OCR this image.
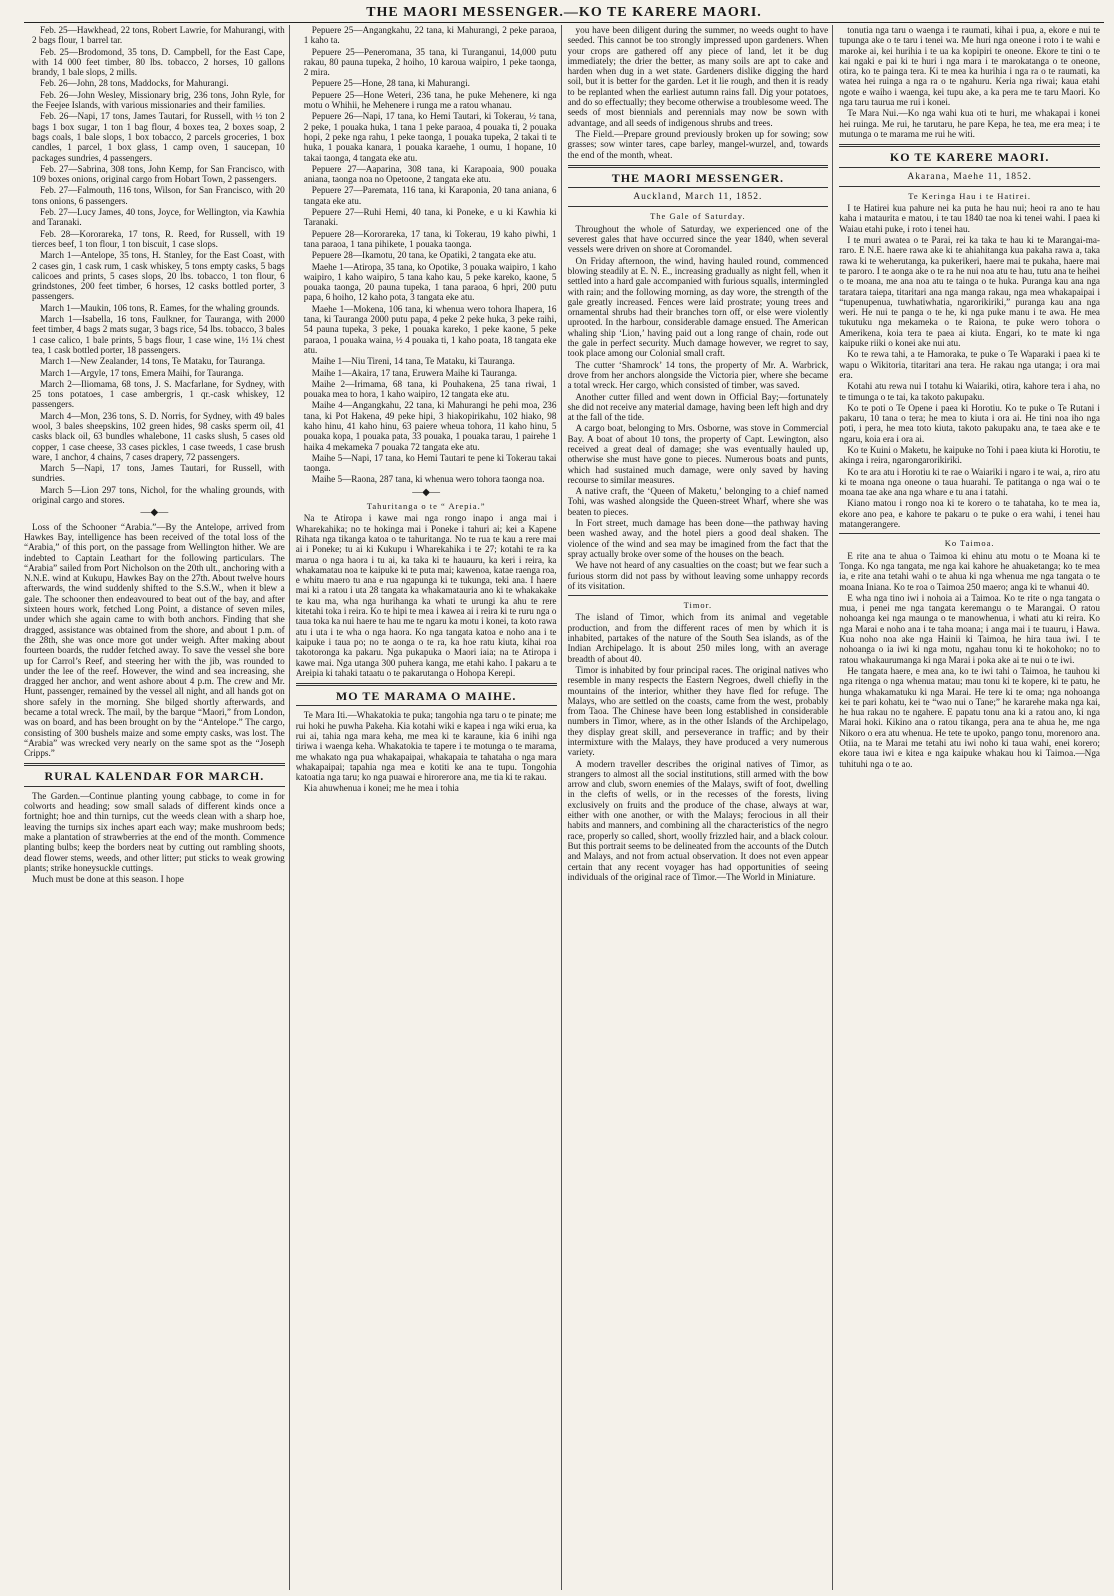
THE MAORI MESSENGER.—KO TE KARERE MAORI.

Feb. 25—Hawkhead, 22 tons, Robert Lawrie, for Mahurangi, with 2 bags flour, 1 barrel tar.

Feb. 25—Brodomond, 35 tons, D. Campbell, for the East Cape, with 14 000 feet timber, 80 lbs. tobacco, 2 horses, 10 gallons brandy, 1 bale slops, 2 mills.

Feb. 26—John, 28 tons, Maddocks, for Mahurangi.

Feb. 26—John Wesley, Missionary brig, 236 tons, John Ryle, for the Feejee Islands, with various missionaries and their families.

Feb. 26—Napi, 17 tons, James Tautari, for Russell, with ½ ton 2 bags 1 box sugar, 1 ton 1 bag flour, 4 boxes tea, 2 boxes soap, 2 bags coals, 1 bale slops, 1 box tobacco, 2 parcels groceries, 1 box candles, 1 parcel, 1 box glass, 1 camp oven, 1 saucepan, 10 packages sundries, 4 passengers.

Feb. 27—Sabrina, 308 tons, John Kemp, for San Francisco, with 109 boxes onions, original cargo from Hobart Town, 2 passengers.

Feb. 27—Falmouth, 116 tons, Wilson, for San Francisco, with 20 tons onions, 6 passengers.

Feb. 27—Lucy James, 40 tons, Joyce, for Wellington, via Kawhia and Taranaki.

Feb. 28—Kororareka, 17 tons, R. Reed, for Russell, with 19 tierces beef, 1 ton flour, 1 ton biscuit, 1 case slops.

March 1—Antelope, 35 tons, H. Stanley, for the East Coast, with 2 cases gin, 1 cask rum, 1 cask whiskey, 5 tons empty casks, 5 bags calicoes and prints, 5 cases slops, 20 lbs. tobacco, 1 ton flour, 6 grindstones, 200 feet timber, 6 horses, 12 casks bottled porter, 3 passengers.

March 1—Maukin, 106 tons, R. Eames, for the whaling grounds.

March 1—Isabella, 16 tons, Faulkner, for Tauranga, with 2000 feet timber, 4 bags 2 mats sugar, 3 bags rice, 54 lbs. tobacco, 3 bales 1 case calico, 1 bale prints, 5 bags flour, 1 case wine, 1½ 1¼ chest tea, 1 cask bottled porter, 18 passengers.

March 1—New Zealander, 14 tons, Te Mataku, for Tauranga.

March 1—Argyle, 17 tons, Emera Maihi, for Tauranga.

March 2—Iliomama, 68 tons, J. S. Macfarlane, for Sydney, with 25 tons potatoes, 1 case ambergris, 1 qr.-cask whiskey, 12 passengers.

March 4—Mon, 236 tons, S. D. Norris, for Sydney, with 49 bales wool, 3 bales sheepskins, 102 green hides, 98 casks sperm oil, 41 casks black oil, 63 bundles whalebone, 11 casks slush, 5 cases old copper, 1 case cheese, 33 cases pickles, 1 case tweeds, 1 case brush ware, 1 anchor, 4 chains, 7 cases drapery, 72 passengers.

March 5—Napi, 17 tons, James Tautari, for Russell, with sundries.

March 5—Lion 297 tons, Nichol, for the whaling grounds, with original cargo and stores.

—◆—

Loss of the Schooner “Arabia.”—By the Antelope, arrived from Hawkes Bay, intelligence has been received of the total loss of the “Arabia,” of this port, on the passage from Wellington hither. We are indebted to Captain Leathart for the following particulars. The “Arabia” sailed from Port Nicholson on the 20th ult., anchoring with a N.N.E. wind at Kukupu, Hawkes Bay on the 27th. About twelve hours afterwards, the wind suddenly shifted to the S.S.W., when it blew a gale. The schooner then endeavoured to beat out of the bay, and after sixteen hours work, fetched Long Point, a distance of seven miles, under which she again came to with both anchors. Finding that she dragged, assistance was obtained from the shore, and about 1 p.m. of the 28th, she was once more got under weigh. After making about fourteen boards, the rudder fetched away. To save the vessel she bore up for Carrol’s Reef, and steering her with the jib, was rounded to under the lee of the reef. However, the wind and sea increasing, she dragged her anchor, and went ashore about 4 p.m. The crew and Mr. Hunt, passenger, remained by the vessel all night, and all hands got on shore safely in the morning. She bilged shortly afterwards, and became a total wreck. The mail, by the barque “Maori,” from London, was on board, and has been brought on by the “Antelope.” The cargo, consisting of 300 bushels maize and some empty casks, was lost. The “Arabia” was wrecked very nearly on the same spot as the “Joseph Cripps.”

RURAL KALENDAR FOR MARCH.

The Garden.—Continue planting young cabbage, to come in for colworts and heading; sow small salads of different kinds once a fortnight; hoe and thin turnips, cut the weeds clean with a sharp hoe, leaving the turnips six inches apart each way; make mushroom beds; make a plantation of strawberries at the end of the month. Commence planting bulbs; keep the borders neat by cutting out rambling shoots, dead flower stems, weeds, and other litter; put sticks to weak growing plants; strike honeysuckle cuttings.

Much must be done at this season. I hope

Pepuere 25—Angangkahu, 22 tana, ki Mahurangi, 2 peke paraoa, 1 kaho ta.

Pepuere 25—Peneromana, 35 tana, ki Turanganui, 14,000 putu rakau, 80 pauna tupeka, 2 hoiho, 10 karoua waipiro, 1 peke taonga, 2 mira.

Pepuere 25—Hone, 28 tana, ki Mahurangi.

Pepuere 25—Hone Weteri, 236 tana, he puke Mehenere, ki nga motu o Whihii, he Mehenere i runga me a ratou whanau.

Pepuere 26—Napi, 17 tana, ko Hemi Tautari, ki Tokerau, ½ tana, 2 peke, 1 pouaka huka, 1 tana 1 peke paraoa, 4 pouaka ti, 2 pouaka hopi, 2 peke nga rahu, 1 peke taonga, 1 pouaka tupeka, 2 takai ti te huka, 1 pouaka kanara, 1 pouaka karaehe, 1 oumu, 1 hopane, 10 takai taonga, 4 tangata eke atu.

Pepuere 27—Aaparina, 308 tana, ki Karapoaia, 900 pouaka aniana, taonga noa no Opetoone, 2 tangata eke atu.

Pepuere 27—Paremata, 116 tana, ki Karaponia, 20 tana aniana, 6 tangata eke atu.

Pepuere 27—Ruhi Hemi, 40 tana, ki Poneke, e u ki Kawhia ki Taranaki.

Pepuere 28—Kororareka, 17 tana, ki Tokerau, 19 kaho piwhi, 1 tana paraoa, 1 tana pihikete, 1 pouaka taonga.

Pepuere 28—Ikamotu, 20 tana, ke Opatiki, 2 tangata eke atu.

Maehe 1—Atiropa, 35 tana, ko Opotike, 3 pouaka waipiro, 1 kaho waipiro, 1 kaho waipiro, 5 tana kaho kau, 5 peke kareko, kaone, 5 pouaka taonga, 20 pauna tupeka, 1 tana paraoa, 6 hpri, 200 putu papa, 6 hoiho, 12 kaho pota, 3 tangata eke atu.

Maehe 1—Mokena, 106 tana, ki whenua wero tohora Ihapera, 16 tana, ki Tauranga 2000 putu papa, 4 peke 2 peke huka, 3 peke raihi, 54 pauna tupeka, 3 peke, 1 pouaka kareko, 1 peke kaone, 5 peke paraoa, 1 pouaka waina, ½ 4 pouaka ti, 1 kaho poata, 18 tangata eke atu.

Maihe 1—Niu Tireni, 14 tana, Te Mataku, ki Tauranga.

Maihe 1—Akaira, 17 tana, Eruwera Maihe ki Tauranga.

Maihe 2—Irimama, 68 tana, ki Pouhakena, 25 tana riwai, 1 pouaka mea to hora, 1 kaho waipiro, 12 tangata eke atu.

Maihe 4—Angangkahu, 22 tana, ki Mahurangi he pehi moa, 236 tana, ki Pot Hakena, 49 peke hipi, 3 hiakopirikahu, 102 hiako, 98 kaho hinu, 41 kaho hinu, 63 paiere wheua tohora, 11 kaho hinu, 5 pouaka kopa, 1 pouaka pata, 33 pouaka, 1 pouaka tarau, 1 pairehe 1 haika 4 mekameka 7 pouaka 72 tangata eke atu.

Maihe 5—Napi, 17 tana, ko Hemi Tautari te pene ki Tokerau takai taonga.

Maihe 5—Raona, 287 tana, ki whenua wero tohora taonga noa.

—◆—
Tahuritanga o te “ Arepia.”

Na te Atiropa i kawe mai nga rongo inapo i anga mai i Wharekahika; no te hokinga mai i Poneke i tahuri ai; kei a Kapene Rihata nga tikanga katoa o te tahuritanga. No te rua te kau a rere mai ai i Poneke; tu ai ki Kukupu i Wharekahika i te 27; kotahi te ra ka marua o nga haora i tu ai, ka taka ki te hauauru, ka keri i reira, ka whakamatau noa te kaipuke ki te puta mai; kawenoa, katae raenga roa, e whitu maero tu ana e rua ngapunga ki te tukunga, teki ana. I haere mai ki a ratou i uta 28 tangata ka whakamatauria ano ki te whakakake te kau ma, wha nga hurihanga ka whati te urungi ka ahu te rere kitetahi toka i reira. Ko te hipi te mea i kawea ai i reira ki te ruru nga o taua toka ka nui haere te hau me te ngaru ka motu i konei, ta koto rawa atu i uta i te wha o nga haora. Ko nga tangata katoa e noho ana i te kaipuke i taua po; no te aonga o te ra, ka hoe ratu kiuta, kihai roa takotoronga ka pakaru. Nga pukapuka o Maori iaia; na te Atiropa i kawe mai. Nga utanga 300 puhera kanga, me etahi kaho. I pakaru a te Areipia ki tahaki tataatu o te pakarutanga o Hohopa Kerepi.

MO TE MARAMA O MAIHE.

Te Mara Iti.—Whakatokia te puka; tangohia nga taru o te pinate; me rui hoki he puwha Pakeha. Kia kotahi wiki e kapea i nga wiki erua, ka rui ai, tahia nga mara keha, me mea ki te karaune, kia 6 inihi nga tiriwa i waenga keha. Whakatokia te tapere i te motunga o te marama, me whakato nga pua whakapaipai, whakapaia te tahataha o nga mara whakapaipai; tapahia nga mea e kotiti ke ana te tupu. Tongohia katoatia nga taru; ko nga puawai e hirorerore ana, me tia ki te rakau.

Kia ahuwhenua i konei; me he mea i tohia

you have been diligent during the summer, no weeds ought to have seeded. This cannot be too strongly impressed upon gardeners. When your crops are gathered off any piece of land, let it be dug immediately; the drier the better, as many soils are apt to cake and harden when dug in a wet state. Gardeners dislike digging the hard soil, but it is better for the garden. Let it lie rough, and then it is ready to be replanted when the earliest autumn rains fall. Dig your potatoes, and do so effectually; they become otherwise a troublesome weed. The seeds of most biennials and perennials may now be sown with advantage, and all seeds of indigenous shrubs and trees.

The Field.—Prepare ground previously broken up for sowing; sow grasses; sow winter tares, cape barley, mangel-wurzel, and, towards the end of the month, wheat.

THE MAORI MESSENGER.
Auckland, March 11, 1852.
The Gale of Saturday.

Throughout the whole of Saturday, we experienced one of the severest gales that have occurred since the year 1840, when several vessels were driven on shore at Coromandel.

On Friday afternoon, the wind, having hauled round, commenced blowing steadily at E. N. E., increasing gradually as night fell, when it settled into a hard gale accompanied with furious squalls, intermingled with rain; and the following morning, as day wore, the strength of the gale greatly increased. Fences were laid prostrate; young trees and ornamental shrubs had their branches torn off, or else were violently uprooted. In the harbour, considerable damage ensued. The American whaling ship ‘Lion,’ having paid out a long range of chain, rode out the gale in perfect security. Much damage however, we regret to say, took place among our Colonial small craft.

The cutter ‘Shamrock’ 14 tons, the property of Mr. A. Warbrick, drove from her anchors alongside the Victoria pier, where she became a total wreck. Her cargo, which consisted of timber, was saved.

Another cutter filled and went down in Official Bay;—fortunately she did not receive any material damage, having been left high and dry at the fall of the tide.

A cargo boat, belonging to Mrs. Osborne, was stove in Commercial Bay. A boat of about 10 tons, the property of Capt. Lewington, also received a great deal of damage; she was eventually hauled up, otherwise she must have gone to pieces. Numerous boats and punts, which had sustained much damage, were only saved by having recourse to similar measures.

A native craft, the ‘Queen of Maketu,’ belonging to a chief named Tohi, was washed alongside the Queen-street Wharf, where she was beaten to pieces.

In Fort street, much damage has been done—the pathway having been washed away, and the hotel piers a good deal shaken. The violence of the wind and sea may be imagined from the fact that the spray actually broke over some of the houses on the beach.

We have not heard of any casualties on the coast; but we fear such a furious storm did not pass by without leaving some unhappy records of its visitation.

Timor.

The island of Timor, which from its animal and vegetable production, and from the different races of men by which it is inhabited, partakes of the nature of the South Sea islands, as of the Indian Archipelago. It is about 250 miles long, with an average breadth of about 40.

Timor is inhabited by four principal races. The original natives who resemble in many respects the Eastern Negroes, dwell chiefly in the mountains of the interior, whither they have fled for refuge. The Malays, who are settled on the coasts, came from the west, probably from Taoa. The Chinese have been long established in considerable numbers in Timor, where, as in the other Islands of the Archipelago, they display great skill, and perseverance in traffic; and by their intermixture with the Malays, they have produced a very numerous variety.

A modern traveller describes the original natives of Timor, as strangers to almost all the social institutions, still armed with the bow arrow and club, sworn enemies of the Malays, swift of foot, dwelling in the clefts of wells, or in the recesses of the forests, living exclusively on fruits and the produce of the chase, always at war, either with one another, or with the Malays; ferocious in all their habits and manners, and combining all the characteristics of the negro race, properly so called, short, woolly frizzled hair, and a black colour. But this portrait seems to be delineated from the accounts of the Dutch and Malays, and not from actual observation. It does not even appear certain that any recent voyager has had opportunities of seeing individuals of the original race of Timor.—The World in Miniature.

tonutia nga taru o waenga i te raumati, kihai i pua, a, ekore e nui te tupunga ake o te taru i tenei wa. Me huri nga oneone i roto i te wahi e maroke ai, kei hurihia i te ua ka kopipiri te oneone. Ekore te tini o te kai ngaki e pai ki te huri i nga mara i te marokatanga o te oneone, otira, ko te painga tera. Ki te mea ka hurihia i nga ra o te raumati, ka watea hei ruinga a nga ra o te ngahuru. Keria nga riwai; kaua etahi ngote e waiho i waenga, kei tupu ake, a ka pera me te taru Maori. Ko nga taru taurua me rui i konei.

Te Mara Nui.—Ko nga wahi kua oti te huri, me whakapai i konei hei ruinga. Me rui, he tarutaru, he pare Kepa, he tea, me era mea; i te mutunga o te marama me rui he witi.

KO TE KARERE MAORI.
Akarana, Maehe 11, 1852.
Te Keringa Hau i te Hatirei.

I te Hatirei kua pahure nei ka puta he hau nui; heoi ra ano te hau kaha i mataurita e matou, i te tau 1840 tae noa ki tenei wahi. I paea ki Waiau etahi puke, i roto i tenei hau.

I te muri awatea o te Parai, rei ka taka te hau ki te Marangai-ma-raro. E N.E. haere rawa ake ki te ahiahitanga kua pakaha rawa a, taka rawa ki te weherutanga, ka pukerikeri, haere mai te pukaha, haere mai te paroro. I te aonga ake o te ra he nui noa atu te hau, tutu ana te heihei o te moana, me ana noa atu te tainga o te huka. Puranga kau ana nga taratara taiepa, titaritari ana nga manga rakau, nga mea whakapaipai i “tupenupenua, tuwhatiwhatia, ngarorikiriki,” puranga kau ana nga weri. He nui te panga o te he, ki nga puke manu i te awa. He mea tukutuku nga mekameka o te Raiona, te puke wero tohora o Amerikena, koia tera te paea ai kiuta. Engari, ko te mate ki nga kaipuke riiki o konei ake nui atu.

Ko te rewa tahi, a te Hamoraka, te puke o Te Waparaki i paea ki te wapu o Wikitoria, titaritari ana tera. He rakau nga utanga; i ora mai era.

Kotahi atu rewa nui I totahu ki Waiariki, otira, kahore tera i aha, no te timunga o te tai, ka takoto pakupaku.

Ko te poti o Te Opene i paea ki Horotiu. Ko te puke o Te Rutani i pakaru, 10 tana o tera; he mea to kiuta i ora ai. He tini noa iho nga poti, i pera, he mea toto kiuta, takoto pakupaku ana, te taea ake e te ngaru, koia era i ora ai.

Ko te Kuini o Maketu, he kaipuke no Tohi i paea kiuta ki Horotiu, te akinga i reira, ngarongarorikiriki.

Ko te ara atu i Horotiu ki te rae o Waiariki i ngaro i te wai, a, riro atu ki te moana nga oneone o taua huarahi. Te patitanga o nga wai o te moana tae ake ana nga whare e tu ana i tatahi.

Kiano matou i rongo noa ki te korero o te tahataha, ko te mea ia, ekore ano pea, e kahore te pakaru o te puke o era wahi, i tenei hau matangerangere.

Ko Taimoa.

E rite ana te ahua o Taimoa ki ehinu atu motu o te Moana ki te Tonga. Ko nga tangata, me nga kai kahore he ahuaketanga; ko te mea ia, e rite ana tetahi wahi o te ahua ki nga whenua me nga tangata o te moana Iniana. Ko te roa o Taimoa 250 maero; anga ki te whanui 40.

E wha nga tino iwi i nohoia ai a Taimoa. Ko te rite o nga tangata o mua, i penei me nga tangata keremangu o te Marangai. O ratou nohoanga kei nga maunga o te manowhenua, i whati atu ki reira. Ko nga Marai e noho ana i te taha moana; i anga mai i te tuauru, i Hawa. Kua noho noa ake nga Hainii ki Taimoa, he hira taua iwi. I te nohoanga o ia iwi ki nga motu, ngahau tonu ki te hokohoko; no to ratou whakaurumanga ki nga Marai i poka ake ai te nui o te iwi.

He tangata haere, e mea ana, ko te iwi tahi o Taimoa, he tauhou ki nga ritenga o nga whenua matau; mau tonu ki te kopere, ki te patu, he hunga whakamatuku ki nga Marai. He tere ki te oma; nga nohoanga kei te pari kohatu, kei te “wao nui o Tane;” he kararehe maka nga kai, he hua rakau no te ngahere. E papatu tonu ana ki a ratou ano, ki nga Marai hoki. Kikino ana o ratou tikanga, pera ana te ahua he, me nga Nikoro o era atu whenua. He tete te upoko, pango tonu, morenoro ana. Otiia, na te Marai me tetahi atu iwi noho ki taua wahi, enei korero; ekore taua iwi e kitea e nga kaipuke whakau hou ki Taimoa.—Nga tuhituhi nga o te ao.
